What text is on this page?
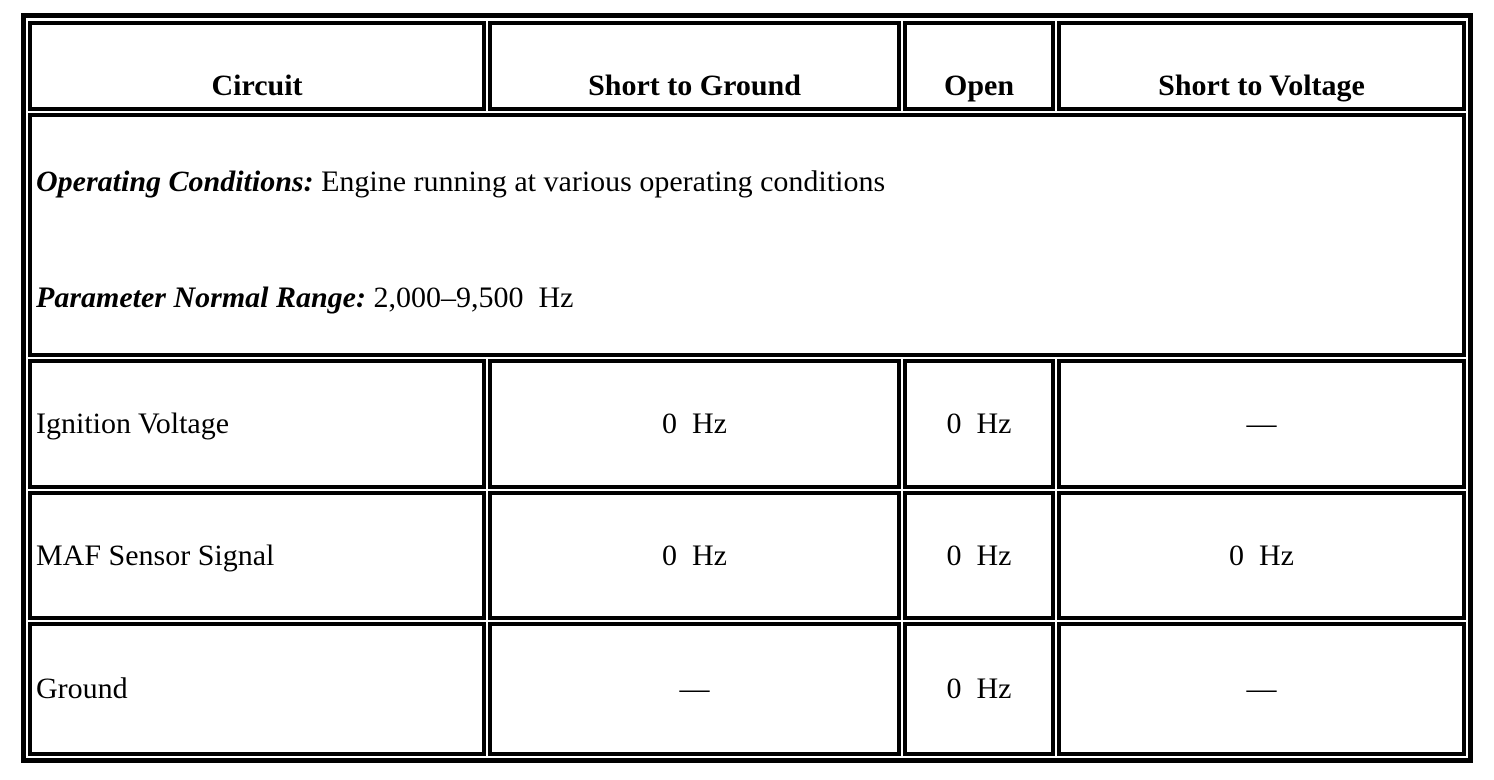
Circuit	Short to Ground	Open	Short to Voltage
Operating Conditions: Engine running at various operating conditions
Parameter Normal Range: 2,000–9,500  Hz
Ignition Voltage	0  Hz	0  Hz	—
MAF Sensor Signal	0  Hz	0  Hz	0  Hz
Ground	—	0  Hz	—
